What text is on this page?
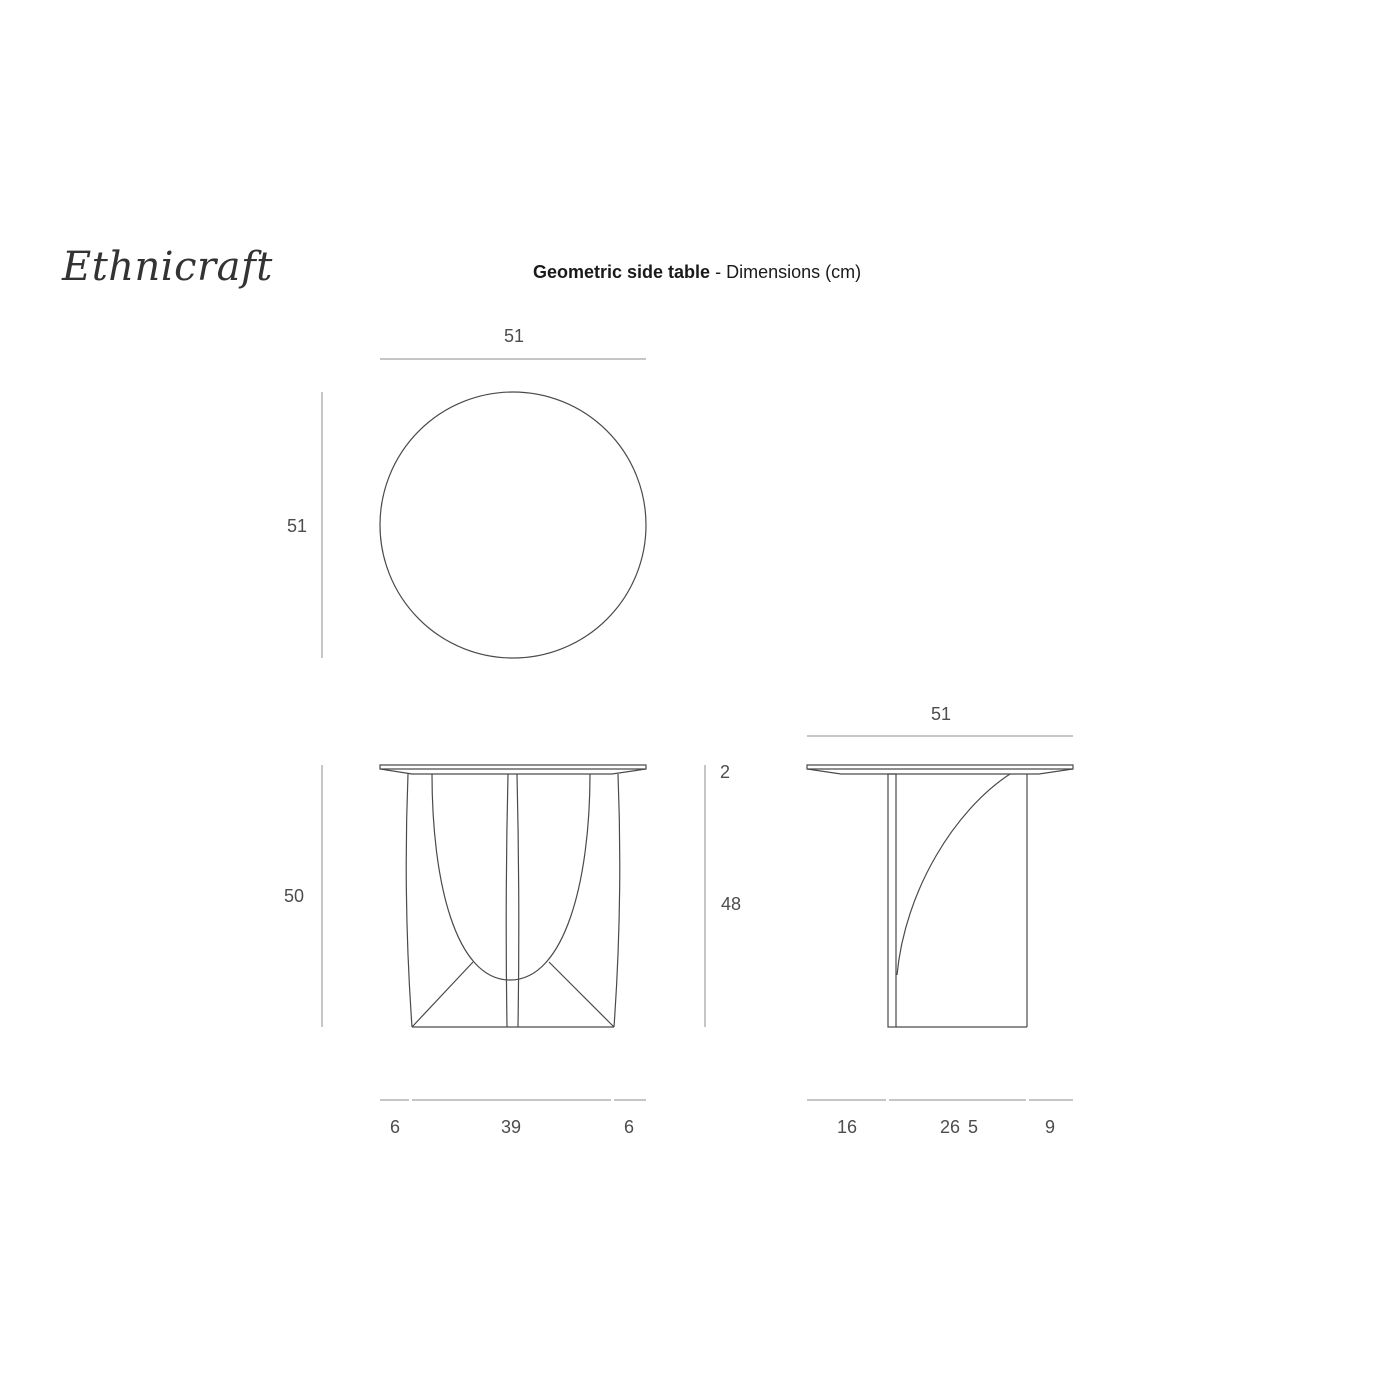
Ethnicraft	Geometric side table - Dimensions (cm)
51
51
50
2
48
6	39	6
51
16	26 5	9
